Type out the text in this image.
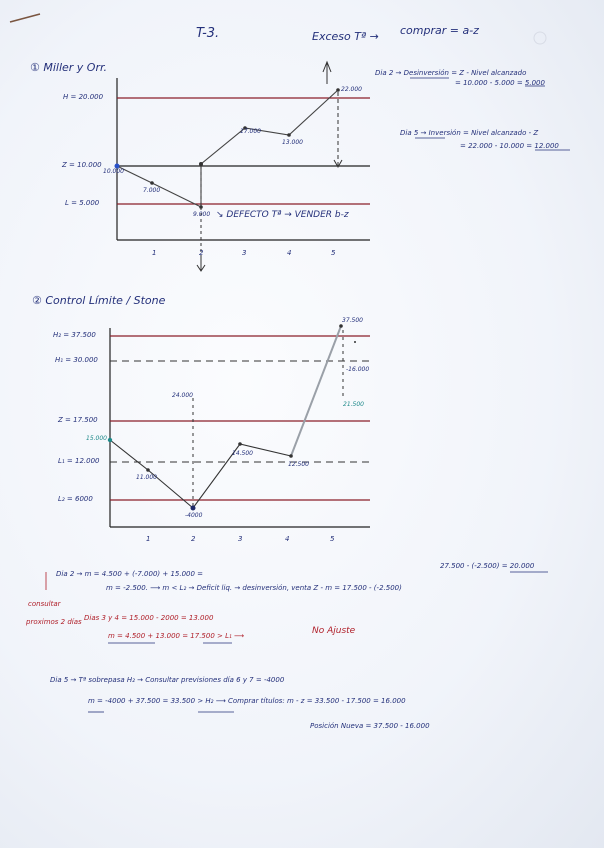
T-3.	Exceso Tª → comprar = a-z
① Miller y Orr.
H = 20.000
Z = 10.000
L = 5.000
10.000
7.000
9.000
17.000
13.000
22.000
1	2	3	4	5
↘ DEFECTO Tª → VENDER b-z
Dia 2 → Desinversión = Z - Nivel alcanzado
= 10.000 - 5.000 = 5.000
Dia 5 → Inversión = Nivel alcanzado - Z
= 22.000 - 10.000 = 12.000
② Control Límite / Stone
H₂ = 37.500
H₁ = 30.000
Z = 17.500
L₁ = 12.000
L₂ = 6000
15.000
11.000
-4000
14.500
12.500
37.500
24.000
-16.000
21.500
1	2	3	4	5
27.500 - (-2.500) = 20.000
Dia 2 → m = 4.500 + (-7.000) + 15.000 =
m = -2.500. ⟶ m < L₂ → Deficit liq. → desinversión, venta Z - m = 17.500 - (-2.500)
consultar
proximos 2 días Dias 3 y 4 = 15.000 - 2000 = 13.000
m = 4.500 + 13.000 = 17.500 > L₁ ⟶	No Ajuste
Dia 5 → Tª sobrepasa H₂ → Consultar previsiones día 6 y 7 = -4000
m = -4000 + 37.500 = 33.500 > H₂ ⟶ Comprar títulos: m - z = 33.500 - 17.500 = 16.000
Posición Nueva = 37.500 - 16.000
